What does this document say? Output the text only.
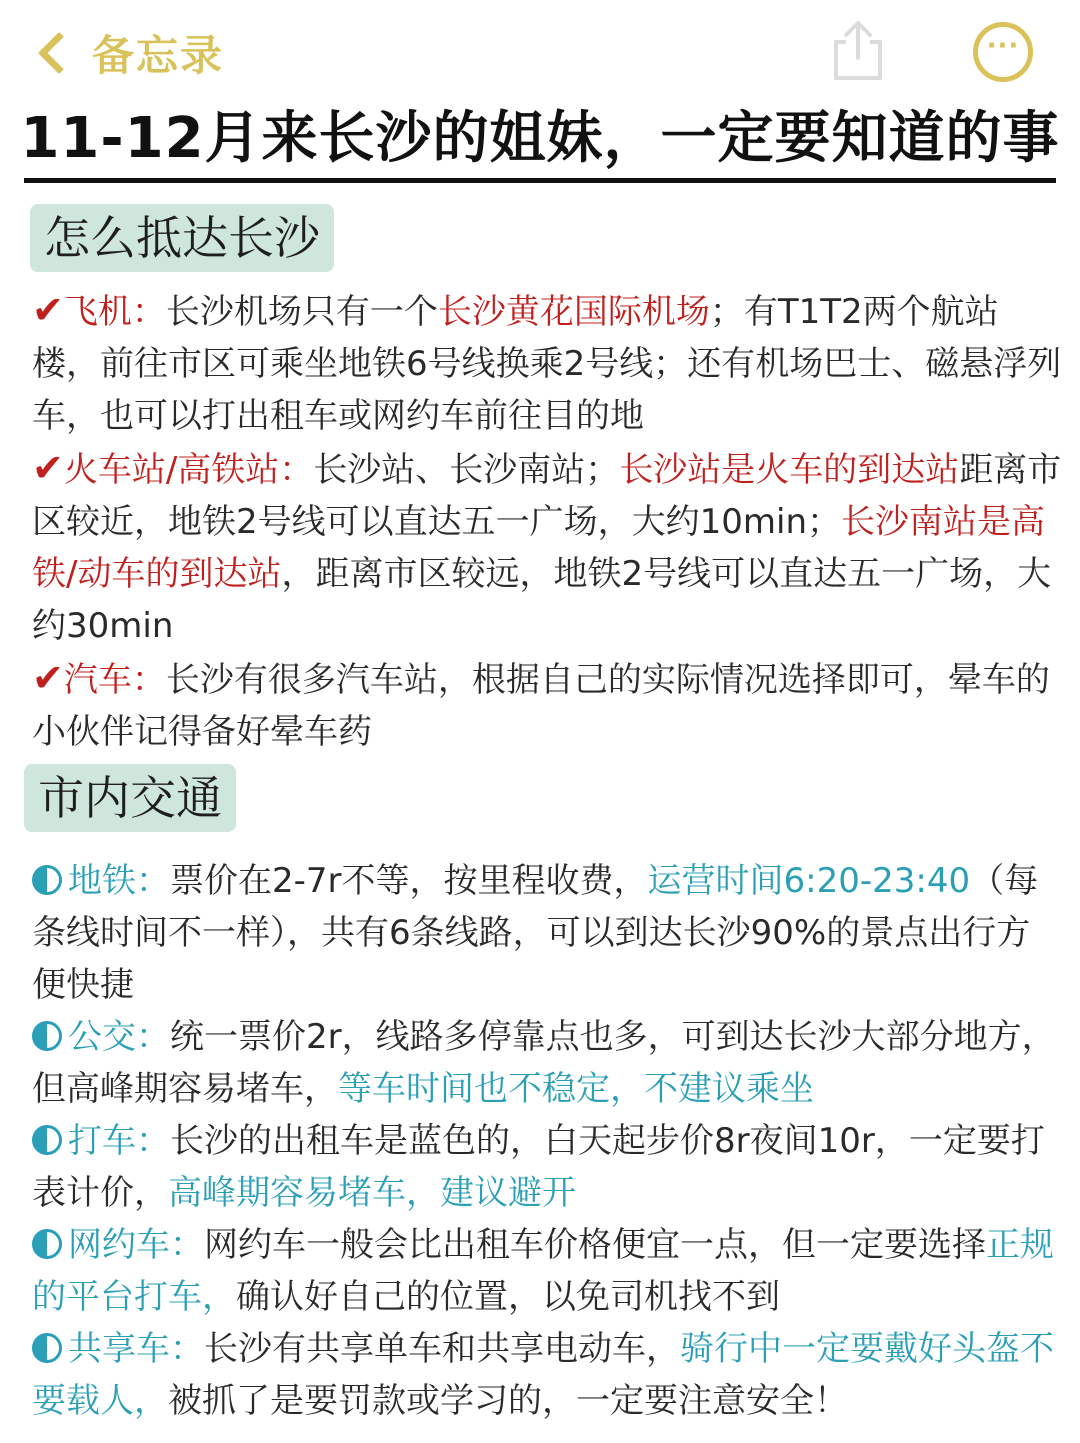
备忘录	···
11-12月来长沙的姐妹，一定要知道的事
怎么抵达长沙
✔飞机：长沙机场只有一个长沙黄花国际机场；有T1T2两个航站楼，前往市区可乘坐地铁6号线换乘2号线；还有机场巴士、磁悬浮列车，也可以打出租车或网约车前往目的地
✔火车站/高铁站：长沙站、长沙南站；长沙站是火车的到达站距离市区较近，地铁2号线可以直达五一广场，大约10min；长沙南站是高铁/动车的到达站，距离市区较远，地铁2号线可以直达五一广场，大约30min
✔汽车：长沙有很多汽车站，根据自己的实际情况选择即可，晕车的小伙伴记得备好晕车药
市内交通
地铁：票价在2-7r不等，按里程收费，运营时间6:20-23:40（每条线时间不一样），共有6条线路，可以到达长沙90%的景点出行方便快捷
公交：统一票价2r，线路多停靠点也多，可到达长沙大部分地方，但高峰期容易堵车，等车时间也不稳定，不建议乘坐
打车：长沙的出租车是蓝色的，白天起步价8r夜间10r，一定要打表计价，高峰期容易堵车，建议避开
网约车：网约车一般会比出租车价格便宜一点，但一定要选择正规的平台打车，确认好自己的位置，以免司机找不到
共享车：长沙有共享单车和共享电动车，骑行中一定要戴好头盔不要载人，被抓了是要罚款或学习的，一定要注意安全！
